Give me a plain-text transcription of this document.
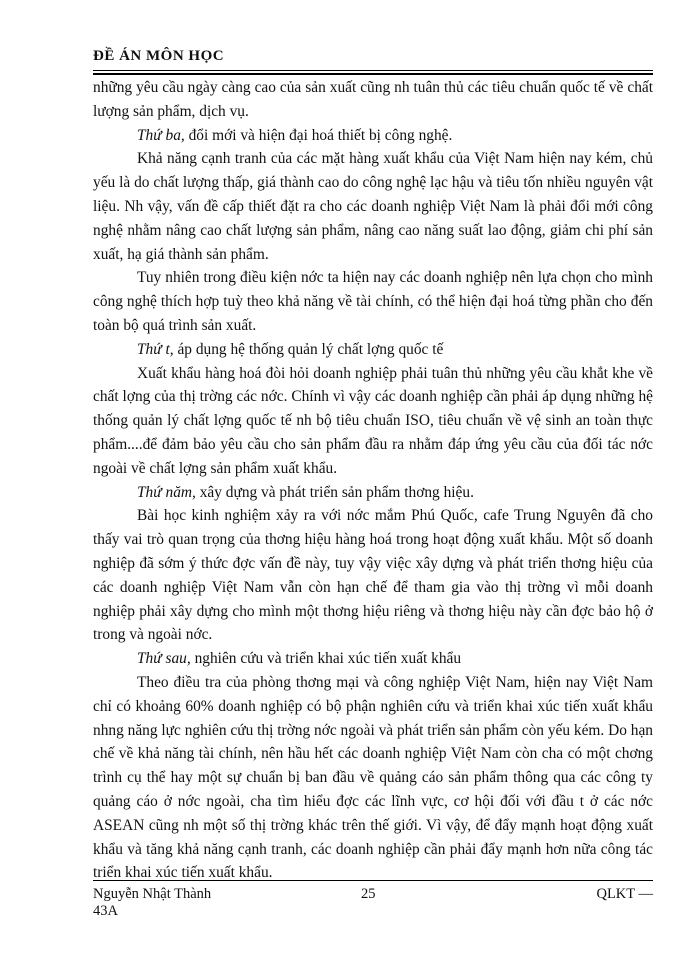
ĐỀ ÁN MÔN HỌC

những yêu cầu ngày càng cao của sản xuất cũng nh tuân thủ các tiêu chuẩn quốc tế về chất lượng sản phẩm, dịch vụ.

Thứ ba, đổi mới và hiện đại hoá thiết bị công nghệ.

Khả năng cạnh tranh của các mặt hàng xuất khẩu của Việt Nam hiện nay kém, chủ yếu là do chất lượng thấp, giá thành cao do công nghệ lạc hậu và tiêu tốn nhiều nguyên vật liệu. Nh vậy, vấn đề cấp thiết đặt ra cho các doanh nghiệp Việt Nam là phải đổi mới công nghệ nhằm nâng cao chất lượng sản phẩm, nâng cao năng suất lao động, giảm chi phí sản xuất, hạ giá thành sản phẩm.

Tuy nhiên trong điều kiện nớc ta hiện nay các doanh nghiệp nên lựa chọn cho mình công nghệ thích hợp tuỳ theo khả năng về tài chính, có thể hiện đại hoá từng phần cho đến toàn bộ quá trình sản xuất.

Thứ t, áp dụng hệ thống quản lý chất lợng quốc tế

Xuất khẩu hàng hoá đòi hỏi doanh nghiệp phải tuân thủ những yêu cầu khắt khe về chất lợng của thị trờng các nớc. Chính vì vậy các doanh nghiệp cần phải áp dụng những hệ thống quản lý chất lợng quốc tế nh bộ tiêu chuẩn ISO, tiêu chuẩn về vệ sinh an toàn thực phẩm....để đảm bảo yêu cầu cho sản phẩm đầu ra nhằm đáp ứng yêu cầu của đối tác nớc ngoài về chất lợng sản phẩm xuất khẩu.

Thứ năm, xây dựng và phát triển sản phẩm thơng hiệu.

Bài học kinh nghiệm xảy ra với nớc mắm Phú Quốc, cafe Trung Nguyên đã cho thấy vai trò quan trọng của thơng hiệu hàng hoá trong hoạt động xuất khẩu. Một số doanh nghiệp đã sớm ý thức đợc vấn đề này, tuy vậy việc xây dựng và phát triển thơng hiệu của các doanh nghiệp Việt Nam vẫn còn hạn chế để tham gia vào thị trờng vì mỗi doanh nghiệp phải xây dựng cho mình một thơng hiệu riêng và thơng hiệu này cần đợc bảo hộ ở trong và ngoài nớc.

Thứ sau, nghiên cứu và triển khai xúc tiến xuất khẩu

Theo điều tra của phòng thơng mại và công nghiệp Việt Nam, hiện nay Việt Nam chỉ có khoảng 60% doanh nghiệp có bộ phận nghiên cứu và triển khai xúc tiến xuất khẩu nhng năng lực nghiên cứu thị trờng nớc ngoài và phát triển sản phẩm còn yếu kém. Do hạn chế về khả năng tài chính, nên hầu hết các doanh nghiệp Việt Nam còn cha có một chơng trình cụ thể hay một sự chuẩn bị ban đầu về quảng cáo sản phẩm thông qua các công ty quảng cáo ở nớc ngoài, cha tìm hiểu đợc các lĩnh vực, cơ hội đối với đầu t ở các nớc ASEAN cũng nh một số thị trờng khác trên thế giới. Vì vậy, để đẩy mạnh hoạt động xuất khẩu và tăng khả năng cạnh tranh, các doanh nghiệp cần phải đẩy mạnh hơn nữa công tác triển khai xúc tiến xuất khẩu.

Nguyễn Nhật Thành 43A
25	QLKT —
